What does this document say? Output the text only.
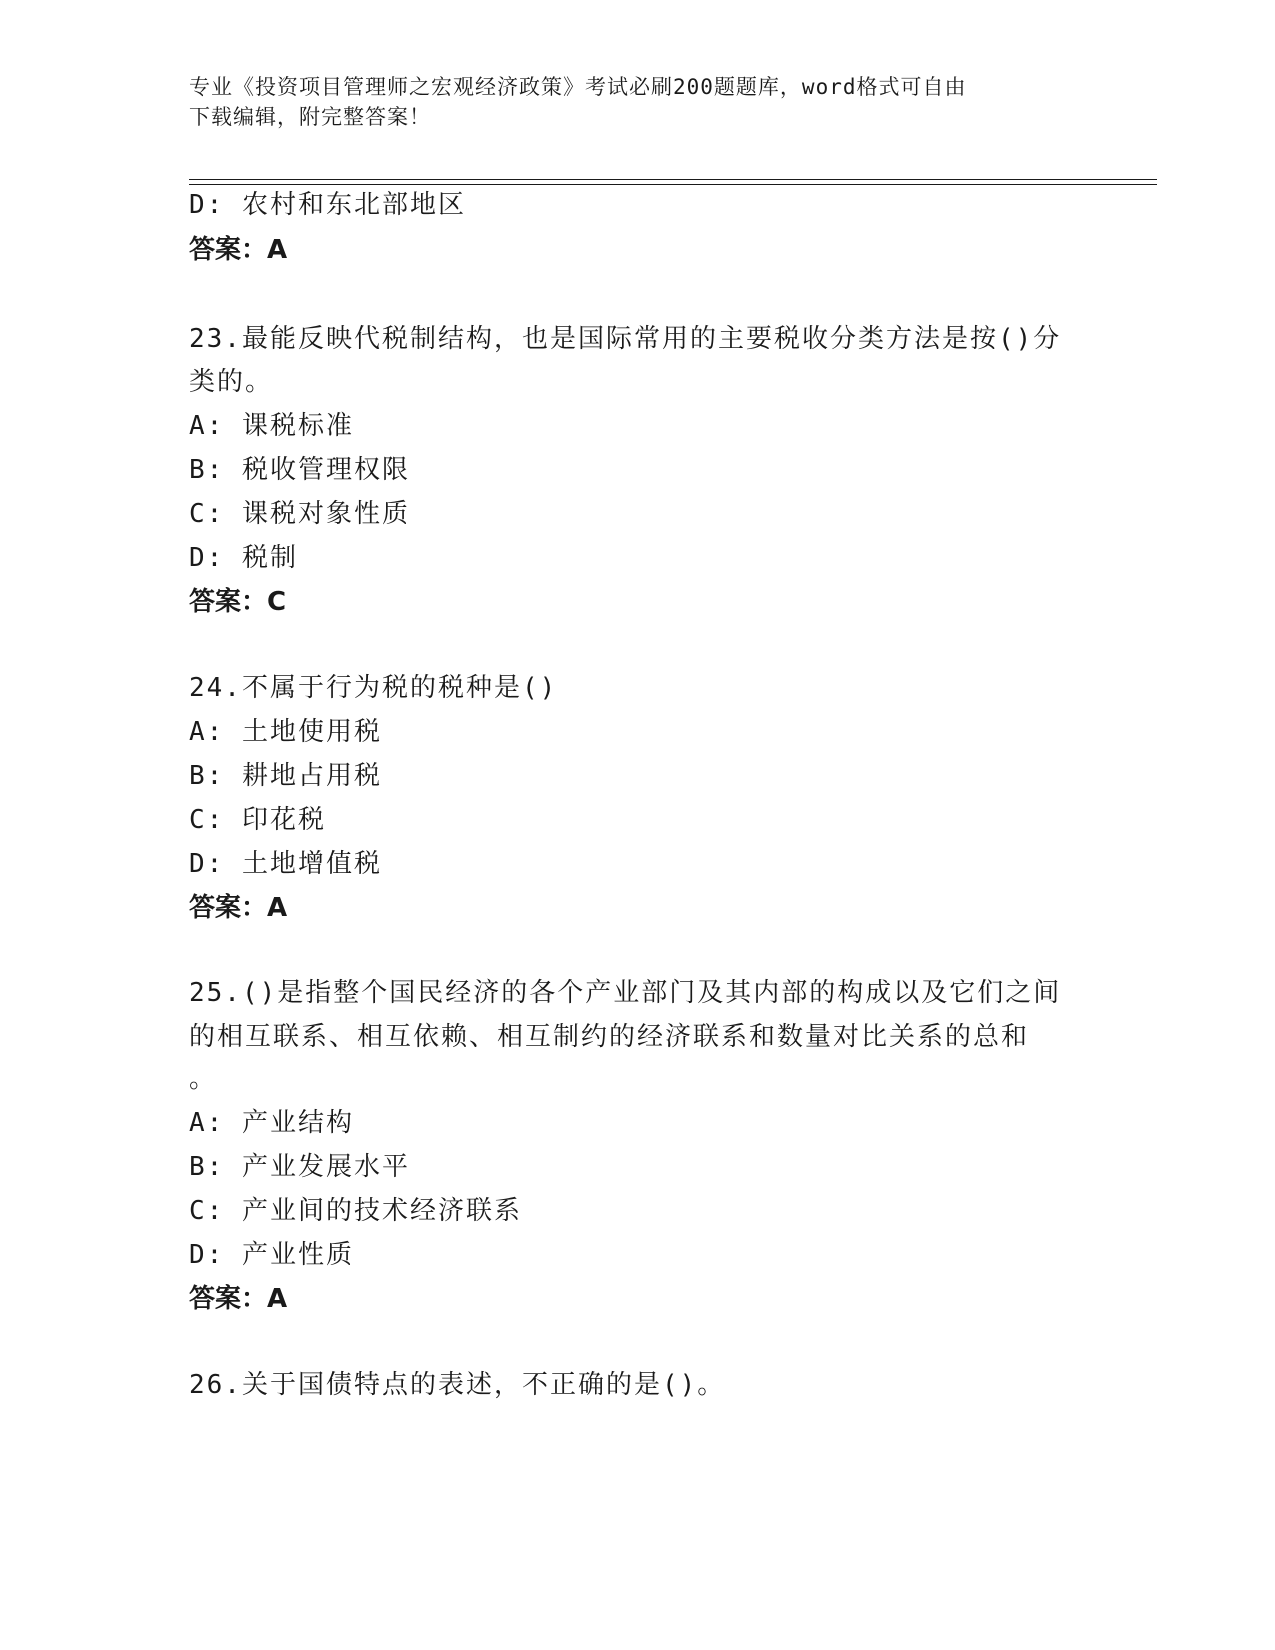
专业《投资项目管理师之宏观经济政策》考试必刷200题题库，word格式可自由
下载编辑，附完整答案！
D: 农村和东北部地区
答案：A
23.最能反映代税制结构，也是国际常用的主要税收分类方法是按()分
类的。
A: 课税标准
B: 税收管理权限
C: 课税对象性质
D: 税制
答案：C
24.不属于行为税的税种是()
A: 土地使用税
B: 耕地占用税
C: 印花税
D: 土地增值税
答案：A
25.()是指整个国民经济的各个产业部门及其内部的构成以及它们之间
的相互联系、相互依赖、相互制约的经济联系和数量对比关系的总和
。
A: 产业结构
B: 产业发展水平
C: 产业间的技术经济联系
D: 产业性质
答案：A
26.关于国债特点的表述，不正确的是()。
